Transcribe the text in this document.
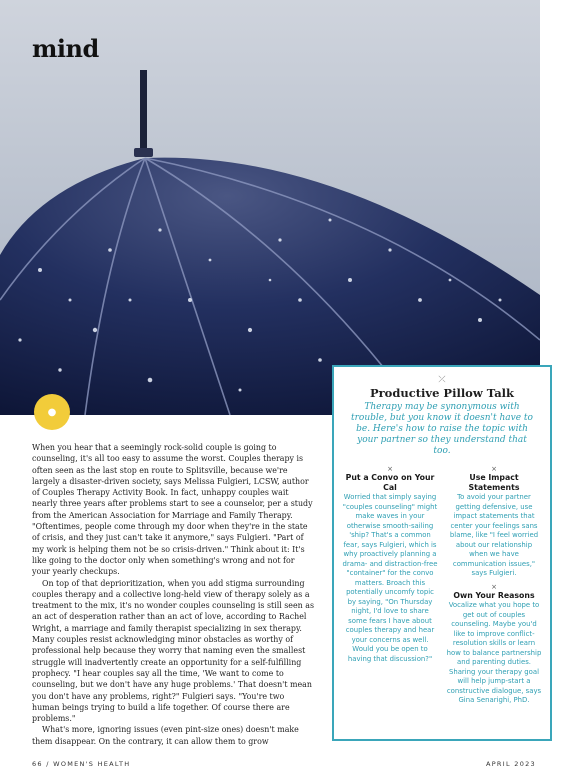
mind
●

When you hear that a seemingly rock-solid couple is going to counseling, it's all too easy to assume the worst. Couples therapy is often seen as the last stop en route to Splitsville, because we're largely a disaster-driven society, says Melissa Fulgieri, LCSW, author of Couples Therapy Activity Book. In fact, unhappy couples wait nearly three years after problems start to see a counselor, per a study from the American Association for Marriage and Family Therapy. "Oftentimes, people come through my door when they're in the state of crisis, and they just can't take it anymore," says Fulgieri. "Part of my work is helping them not be so crisis-driven." Think about it: It's like going to the doctor only when something's wrong and not for your yearly checkups.

On top of that deprioritization, when you add stigma surrounding couples therapy and a collective long-held view of therapy solely as a treatment to the mix, it's no wonder couples counseling is still seen as an act of desperation rather than an act of love, according to Rachel Wright, a marriage and family therapist specializing in sex therapy. Many couples resist acknowledging minor obstacles as worthy of professional help because they worry that naming even the smallest struggle will inadvertently create an opportunity for a self-fulfilling prophecy. "I hear couples say all the time, 'We want to come to counseling, but we don't have any huge problems.' That doesn't mean you don't have any problems, right?" Fulgieri says. "You're two human beings trying to build a life together. Of course there are problems."

What's more, ignoring issues (even pint-size ones) doesn't make them disappear. On the contrary, it can allow them to grow

⤫
Productive Pillow Talk

Therapy may be synonymous with trouble, but you know it doesn't have to be. Here's how to raise the topic with your partner so they understand that too.

×
Put a Convo on Your Cal
Worried that simply saying "couples counseling" might make waves in your otherwise smooth-sailing 'ship? That's a common fear, says Fulgieri, which is why proactively planning a drama- and distraction-free "container" for the convo matters. Broach this potentially uncomfy topic by saying, "On Thursday night, I'd love to share some fears I have about couples therapy and hear your concerns as well. Would you be open to having that discussion?"
×
Use Impact Statements
To avoid your partner getting defensive, use impact statements that center your feelings sans blame, like "I feel worried about our relationship when we have communication issues," says Fulgieri.
×
Own Your Reasons
Vocalize what you hope to get out of couples counseling. Maybe you'd like to improve conflict-resolution skills or learn how to balance partnership and parenting duties. Sharing your therapy goal will help jump-start a constructive dialogue, says Gina Senarighi, PhD.
66 / WOMEN'S HEALTH	APRIL 2023
